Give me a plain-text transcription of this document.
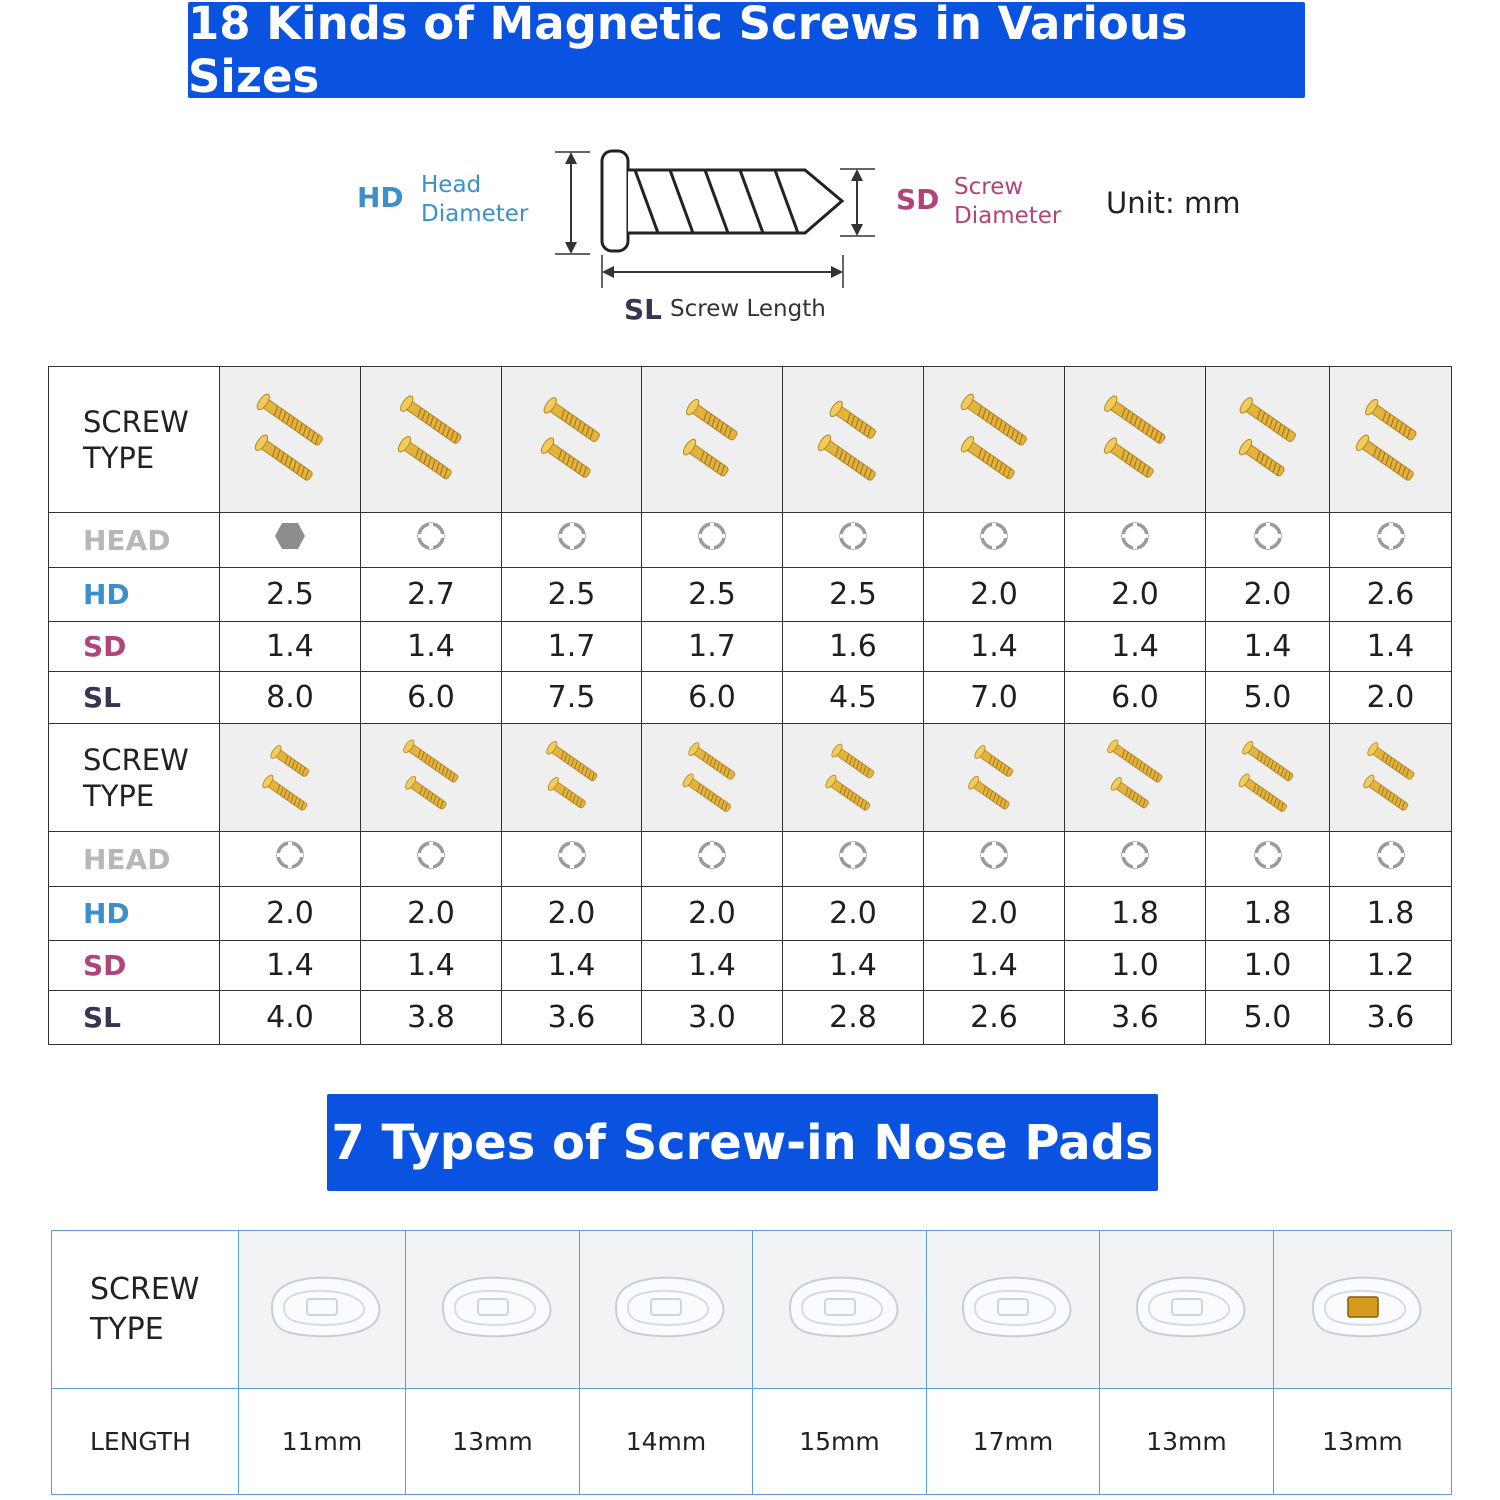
18 Kinds of Magnetic Screws in Various Sizes
HD Head
Diameter	SD Screw
Diameter Unit: mm
SL Screw Length
SCREW
TYPE

HEAD									
HD	2.5	2.7	2.5	2.5	2.5	2.0	2.0	2.0	2.6
SD	1.4	1.4	1.7	1.7	1.6	1.4	1.4	1.4	1.4
SL	8.0	6.0	7.5	6.0	4.5	7.0	6.0	5.0	2.0

SCREW
TYPE

HEAD									
HD	2.0	2.0	2.0	2.0	2.0	2.0	1.8	1.8	1.8
SD	1.4	1.4	1.4	1.4	1.4	1.4	1.0	1.0	1.2
SL	4.0	3.8	3.6	3.0	2.8	2.6	3.6	5.0	3.6
7 Types of Screw-in Nose Pads
SCREW
TYPE

LENGTH	11mm	13mm	14mm	15mm	17mm	13mm	13mm
